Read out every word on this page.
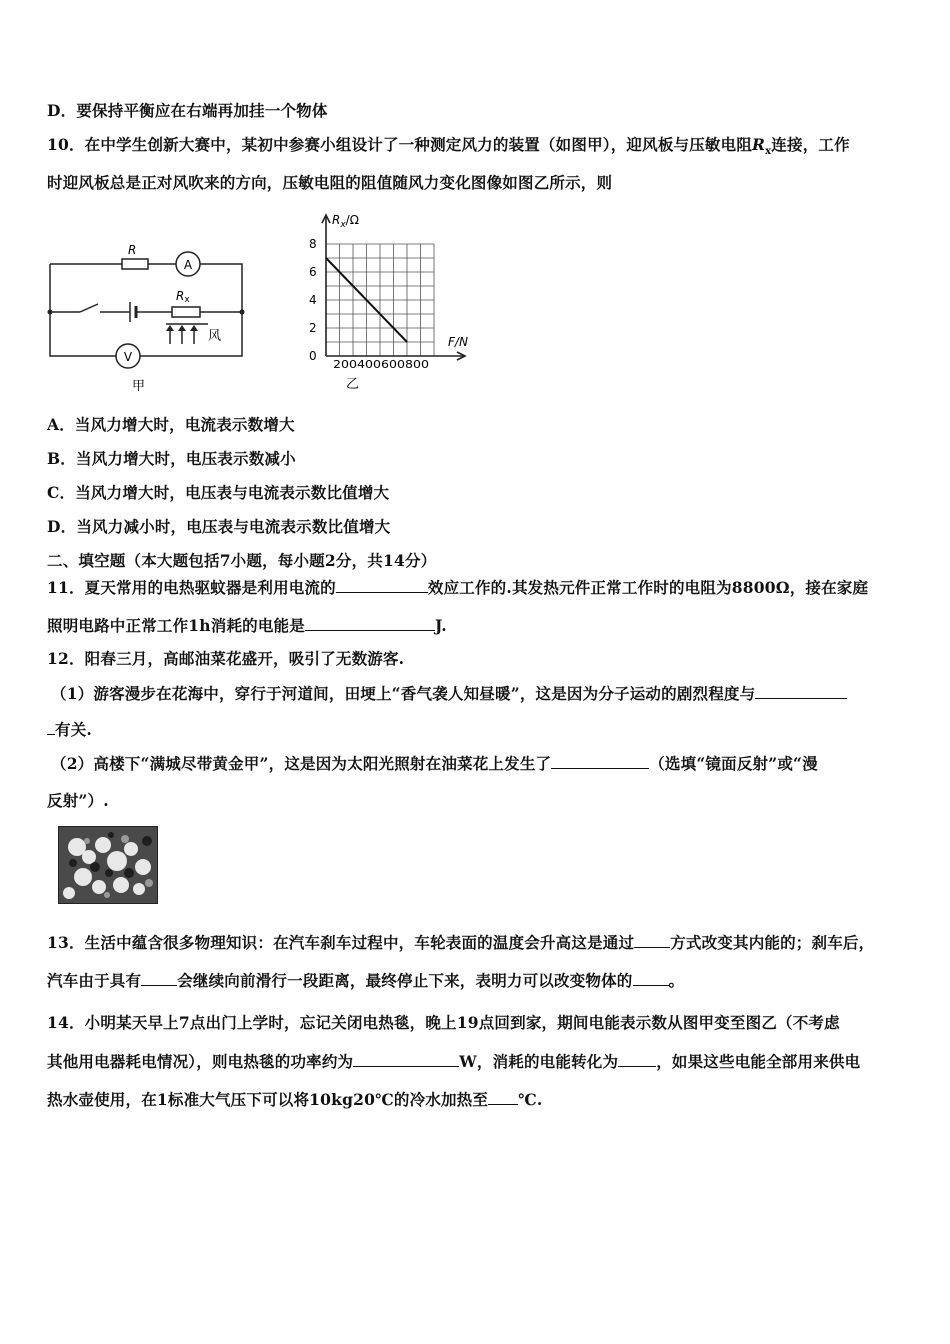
D．要保持平衡应在右端再加挂一个物体
10．在中学生创新大赛中，某初中参赛小组设计了一种测定风力的装置（如图甲），迎风板与压敏电阻$R_x$连接，工作
时迎风板总是正对风吹来的方向，压敏电阻的阻值随风力变化图像如图乙所示，则
R
Rx
A
V
风
甲
$R_x/\Omega$
F/N
8
6
4
2
0
200400600800
乙
A．当风力增大时，电流表示数增大
B．当风力增大时，电压表示数减小
C．当风力增大时，电压表与电流表示数比值增大
D．当风力减小时，电压表与电流表示数比值增大
二、填空题（本大题包括7小题，每小题2分，共14分）
11．夏天常用的电热驱蚊器是利用电流的	效应工作的.其发热元件正常工作时的电阻为8800Ω，接在家庭
照明电路中正常工作1h消耗的电能是	J.
12．阳春三月，高邮油菜花盛开，吸引了无数游客.
（1）游客漫步在花海中，穿行于河道间，田埂上“香气袭人知昼暖”，这是因为分子运动的剧烈程度与
有关.
（2）高楼下“满城尽带黄金甲”，这是因为太阳光照射在油菜花上发生了	（选填“镜面反射”或“漫
反射”）.
13．生活中蕴含很多物理知识：在汽车刹车过程中，车轮表面的温度会升高这是通过 方式改变其内能的；刹车后，
汽车由于具有 会继续向前滑行一段距离，最终停止下来，表明力可以改变物体的 。
14．小明某天早上7点出门上学时，忘记关闭电热毯，晚上19点回到家，期间电能表示数从图甲变至图乙（不考虑
其他用电器耗电情况），则电热毯的功率约为	W，消耗的电能转化为 ，如果这些电能全部用来供电
热水壶使用，在1标准大气压下可以将10kg20℃的冷水加热至 ℃.
